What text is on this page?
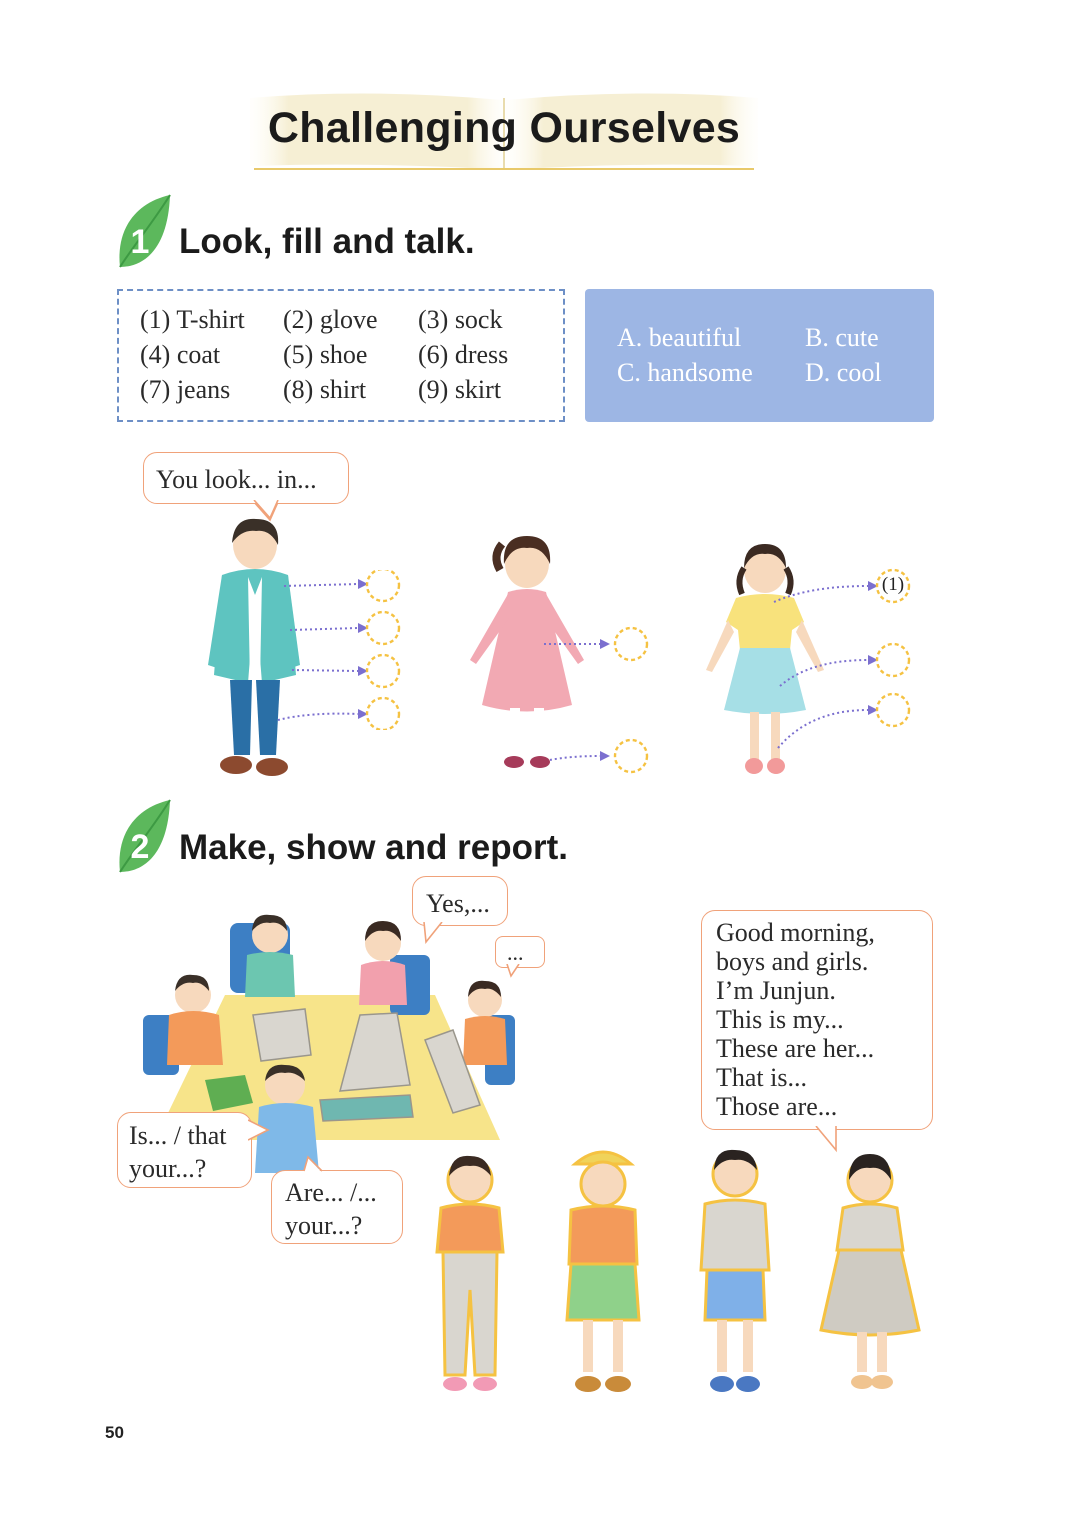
Challenging Ourselves
1 Look, fill and talk.
(1) T-shirt (2) glove (3) sock
(4) coat (5) shoe (6) dress
(7) jeans (8) shirt (9) skirt
A. beautiful B. cute
C. handsome D. cool
You look... in...
(1)
2 Make, show and report.
Yes,...
...
Is... / that
your...?
Are... /...
your...?
Good morning,
boys and girls.
I’m Junjun.
This is my...
These are her...
That is...
Those are...
50
